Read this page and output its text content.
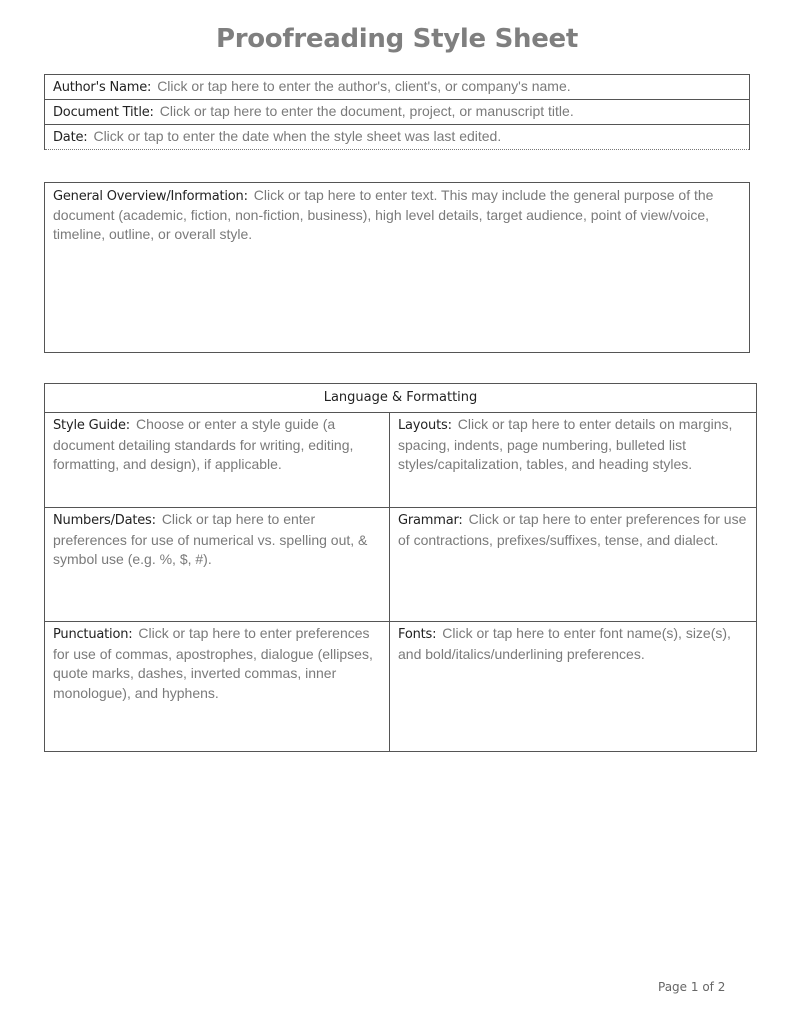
Proofreading Style Sheet
Author's Name: Click or tap here to enter the author's, client's, or company's name.
Document Title: Click or tap here to enter the document, project, or manuscript title.
Date: Click or tap to enter the date when the style sheet was last edited.
General Overview/Information: Click or tap here to enter text. This may include the general purpose of the document (academic, fiction, non-fiction, business), high level details, target audience, point of view/voice, timeline, outline, or overall style.
Language & Formatting	
Style Guide: Choose or enter a style guide (a document detailing standards for writing, editing, formatting, and design), if applicable.	Layouts: Click or tap here to enter details on margins, spacing, indents, page numbering, bulleted list styles/capitalization, tables, and heading styles.
Numbers/Dates: Click or tap here to enter preferences for use of numerical vs. spelling out, & symbol use (e.g. %, $, #).	Grammar: Click or tap here to enter preferences for use of contractions, prefixes/suffixes, tense, and dialect.
Punctuation: Click or tap here to enter preferences for use of commas, apostrophes, dialogue (ellipses, quote marks, dashes, inverted commas, inner monologue), and hyphens.	Fonts: Click or tap here to enter font name(s), size(s), and bold/italics/underlining preferences.
Page 1 of 2
